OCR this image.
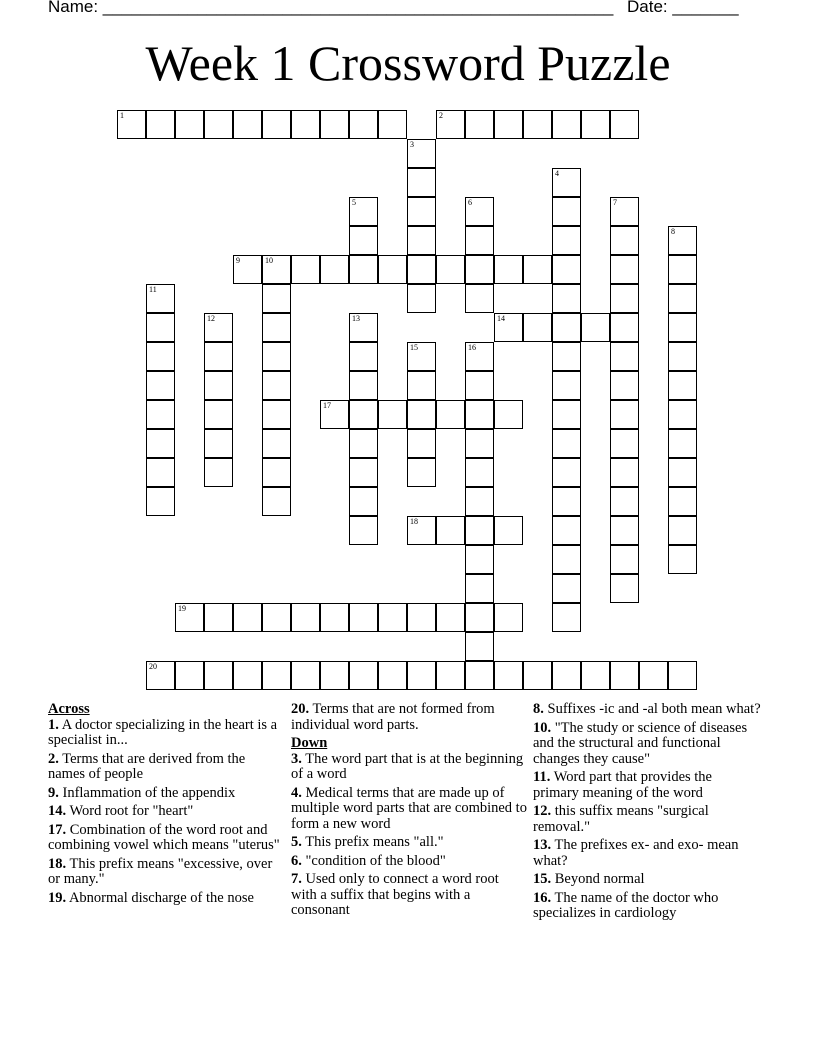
Name: ______________________________________________________ Date: _______
Week 1 Crossword Puzzle
1	2
9	10
14
17
18
19
20
3
4
5	6	7
8
11
12	13
15	16
Across
1. A doctor specializing in the heart is a specialist in...
2. Terms that are derived from the names of people
9. Inflammation of the appendix
14. Word root for "heart"
17. Combination of the word root and combining vowel which means "uterus"
18. This prefix means "excessive, over or many."
19. Abnormal discharge of the nose
20. Terms that are not formed from individual word parts.
Down
3. The word part that is at the beginning of a word
4. Medical terms that are made up of multiple word parts that are combined to form a new word
5. This prefix means "all."
6. "condition of the blood"
7. Used only to connect a word root with a suffix that begins with a consonant
8. Suffixes -ic and -al both mean what?
10. "The study or science of diseases and the structural and functional changes they cause"
11. Word part that provides the primary meaning of the word
12. this suffix means "surgical removal."
13. The prefixes ex- and exo- mean what?
15. Beyond normal
16. The name of the doctor who specializes in cardiology
